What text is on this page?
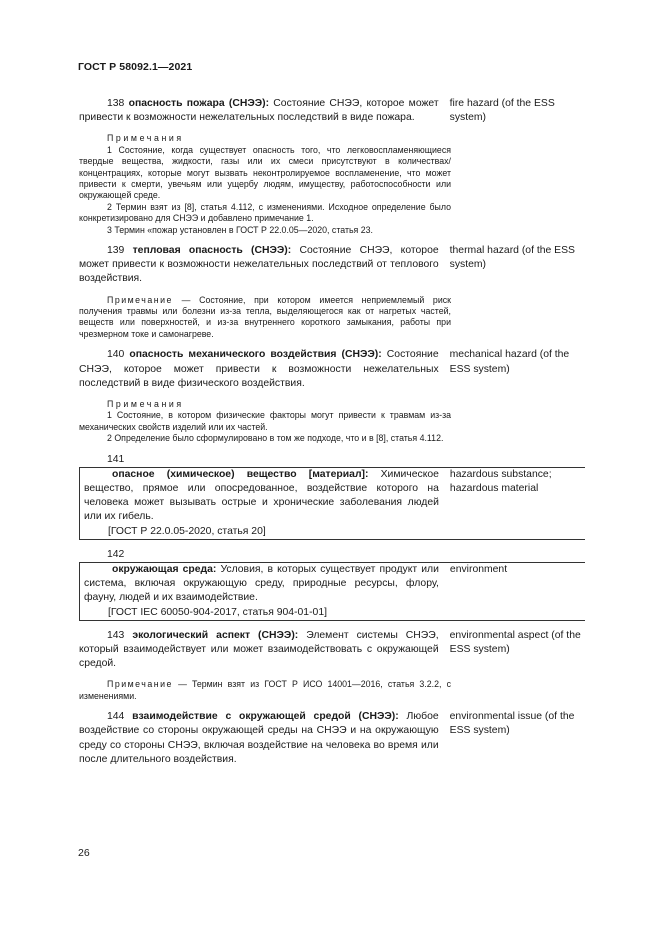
ГОСТ Р 58092.1—2021

138 опасность пожара (СНЭЭ): Состояние СНЭЭ, которое может привести к возможности нежелательных последствий в виде пожара.

fire hazard (of the ESS system)

Примечания

1 Состояние, когда существует опасность того, что легковоспламеняющиеся твердые вещества, жидкости, газы или их смеси присутствуют в количествах/концентрациях, которые могут вызвать неконтролируемое воспламенение, что может привести к смерти, увечьям или ущербу людям, имуществу, работоспособности или окружающей среде.

2 Термин взят из [8], статья 4.112, с изменениями. Исходное определение было конкретизировано для СНЭЭ и добавлено примечание 1.

3 Термин «пожар установлен в ГОСТ Р 22.0.05—2020, статья 23.

139 тепловая опасность (СНЭЭ): Состояние СНЭЭ, которое может привести к возможности нежелательных последствий от теплового воздействия.

thermal hazard (of the ESS system)

Примечание — Состояние, при котором имеется неприемлемый риск получения травмы или болезни из-за тепла, выделяющегося как от нагретых частей, веществ или поверхностей, и из-за внутреннего короткого замыкания, работы при чрезмерном токе и самонагреве.

140 опасность механического воздействия (СНЭЭ): Состояние СНЭЭ, которое может привести к возможности нежелательных последствий в виде физического воздействия.

mechanical hazard (of the ESS system)

Примечания

1 Состояние, в котором физические факторы могут привести к травмам из-за механических свойств изделий или их частей.

2 Определение было сформулировано в том же подходе, что и в [8], статья 4.112.

141

опасное (химическое) вещество [материал]: Химическое вещество, прямое или опосредованное, воздействие которого на человека может вызывать острые и хронические заболевания людей или их гибель.

[ГОСТ Р 22.0.05-2020, статья 20]

hazardous substance; hazardous material
142

окружающая среда: Условия, в которых существует продукт или система, включая окружающую среду, природные ресурсы, флору, фауну, людей и их взаимодействие.

[ГОСТ IEC 60050-904-2017, статья 904-01-01]

environment

143 экологический аспект (СНЭЭ): Элемент системы СНЭЭ, который взаимодействует или может взаимодействовать с окружающей средой.

environmental aspect (of the ESS system)

Примечание — Термин взят из ГОСТ Р ИСО 14001—2016, статья 3.2.2, с изменениями.

144 взаимодействие с окружающей средой (СНЭЭ): Любое воздействие со стороны окружающей среды на СНЭЭ и на окружающую среду со стороны СНЭЭ, включая воздействие на человека во время или после длительного воздействия.

environmental issue (of the ESS system)
26
